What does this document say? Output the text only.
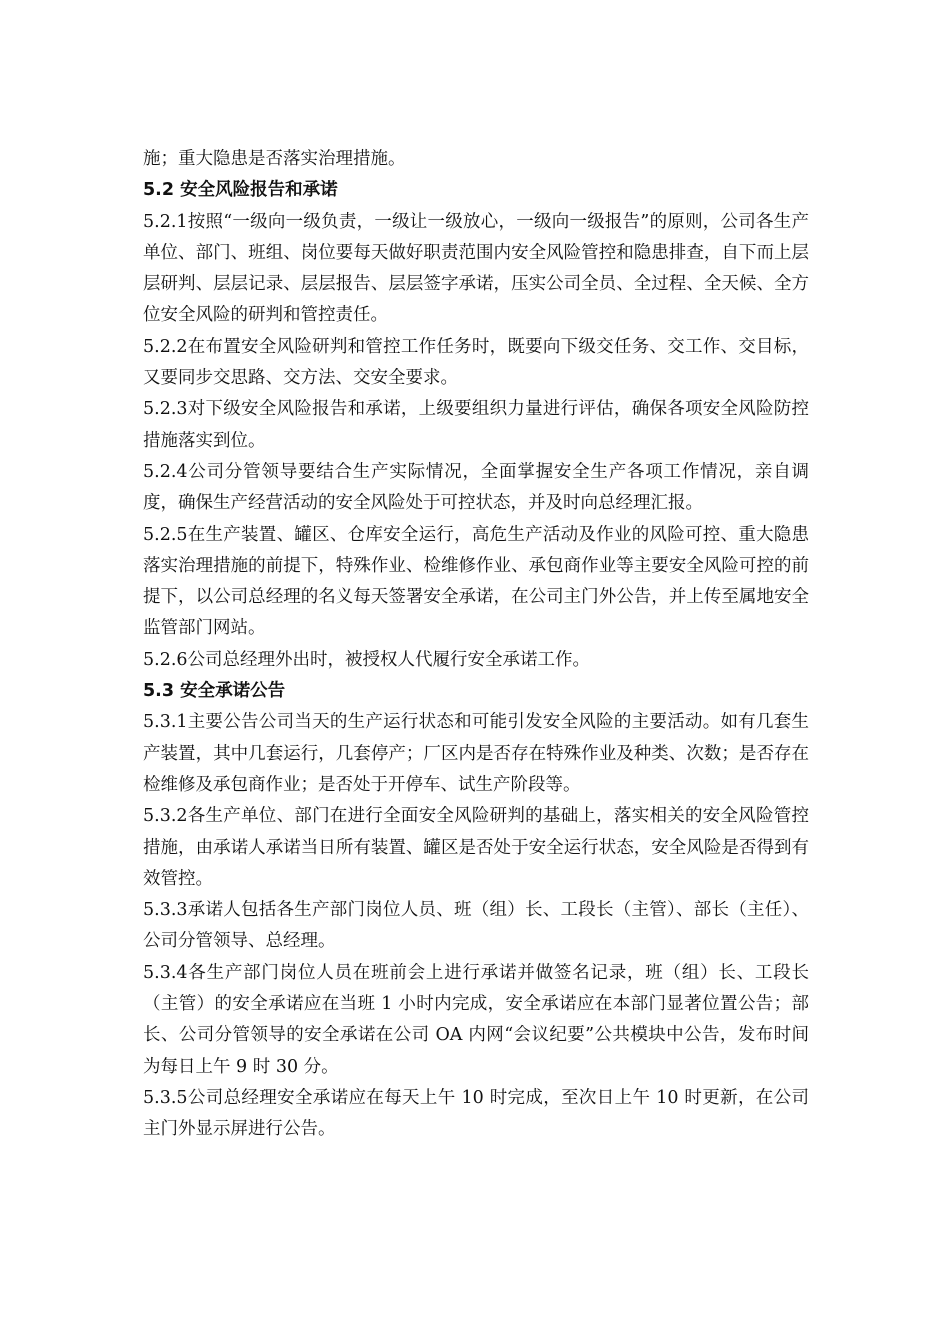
施；重大隐患是否落实治理措施。

5.2 安全风险报告和承诺

5.2.1按照“一级向一级负责，一级让一级放心，一级向一级报告”的原则，公司各生产单位、部门、班组、岗位要每天做好职责范围内安全风险管控和隐患排查，自下而上层层研判、层层记录、层层报告、层层签字承诺，压实公司全员、全过程、全天候、全方位安全风险的研判和管控责任。

5.2.2在布置安全风险研判和管控工作任务时，既要向下级交任务、交工作、交目标，又要同步交思路、交方法、交安全要求。

5.2.3对下级安全风险报告和承诺，上级要组织力量进行评估，确保各项安全风险防控措施落实到位。

5.2.4公司分管领导要结合生产实际情况，全面掌握安全生产各项工作情况，亲自调度，确保生产经营活动的安全风险处于可控状态，并及时向总经理汇报。

5.2.5在生产装置、罐区、仓库安全运行，高危生产活动及作业的风险可控、重大隐患落实治理措施的前提下，特殊作业、检维修作业、承包商作业等主要安全风险可控的前提下，以公司总经理的名义每天签署安全承诺，在公司主门外公告，并上传至属地安全监管部门网站。

5.2.6公司总经理外出时，被授权人代履行安全承诺工作。

5.3 安全承诺公告

5.3.1主要公告公司当天的生产运行状态和可能引发安全风险的主要活动。如有几套生产装置，其中几套运行，几套停产；厂区内是否存在特殊作业及种类、次数；是否存在检维修及承包商作业；是否处于开停车、试生产阶段等。

5.3.2各生产单位、部门在进行全面安全风险研判的基础上，落实相关的安全风险管控措施，由承诺人承诺当日所有装置、罐区是否处于安全运行状态，安全风险是否得到有效管控。

5.3.3承诺人包括各生产部门岗位人员、班（组）长、工段长（主管）、部长（主任）、公司分管领导、总经理。

5.3.4各生产部门岗位人员在班前会上进行承诺并做签名记录，班（组）长、工段长（主管）的安全承诺应在当班 1 小时内完成，安全承诺应在本部门显著位置公告；部长、公司分管领导的安全承诺在公司 OA 内网“会议纪要”公共模块中公告，发布时间为每日上午 9 时 30 分。

5.3.5公司总经理安全承诺应在每天上午 10 时完成，至次日上午 10 时更新，在公司主门外显示屏进行公告。
